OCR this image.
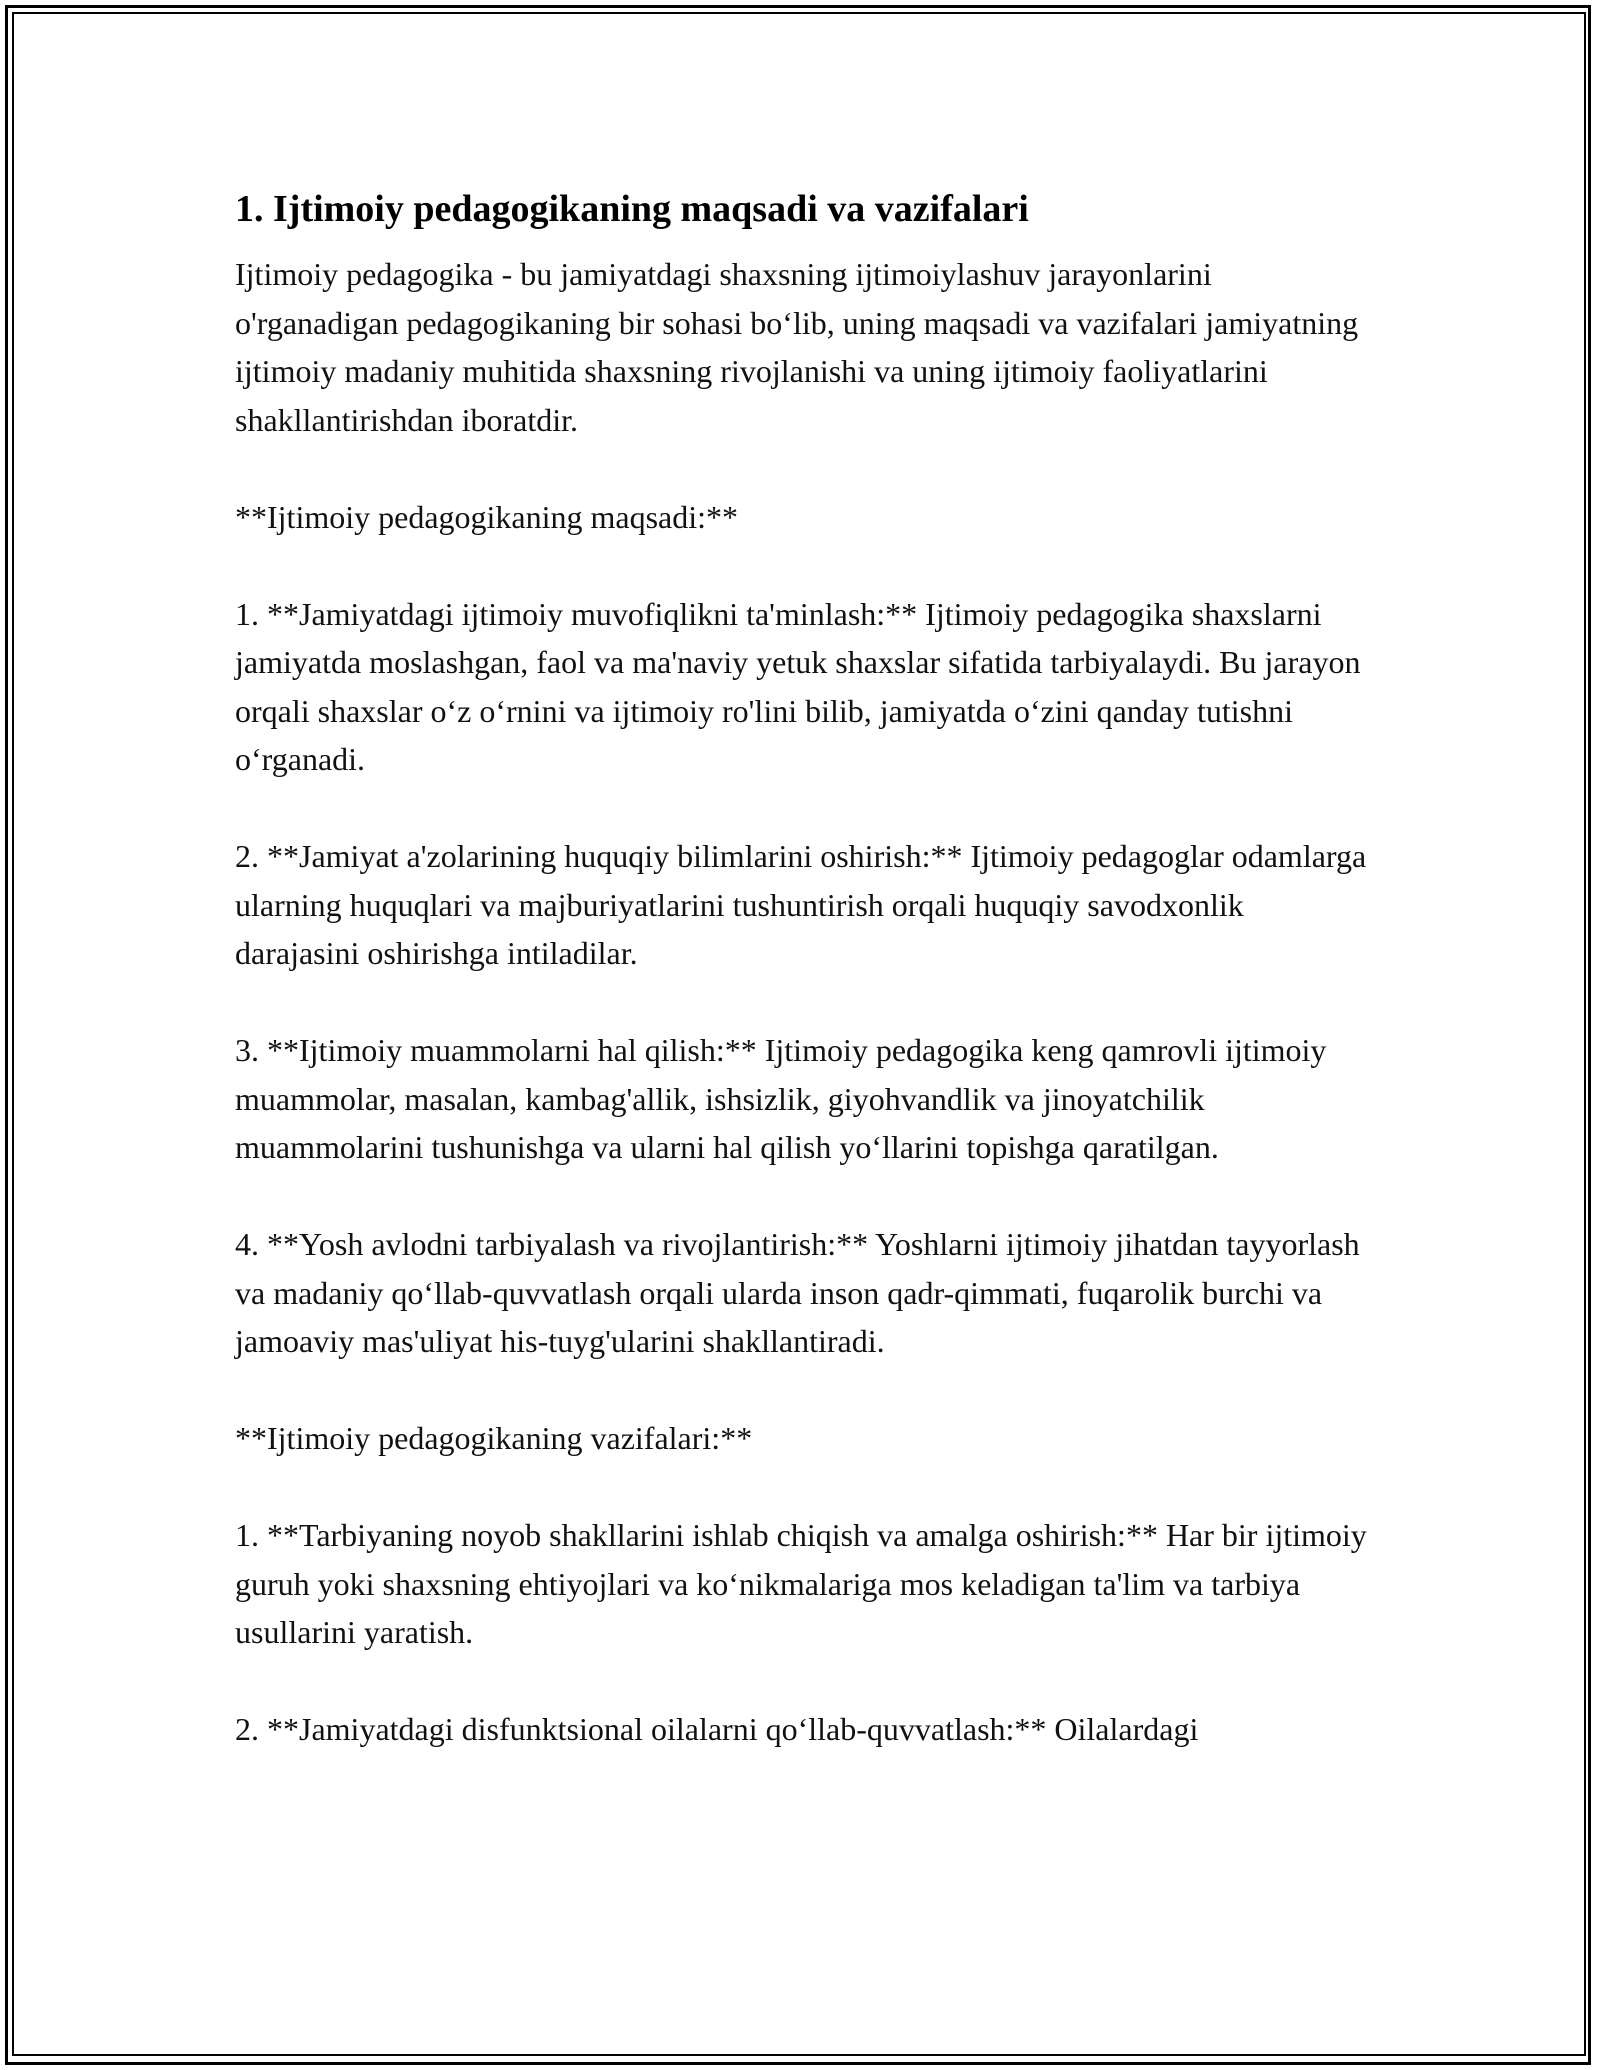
1. Ijtimoiy pedagogikaning maqsadi va vazifalari

Ijtimoiy pedagogika - bu jamiyatdagi shaxsning ijtimoiylashuv jarayonlarini o'rganadigan pedagogikaning bir sohasi bo‘lib, uning maqsadi va vazifalari jamiyatning ijtimoiy madaniy muhitida shaxsning rivojlanishi va uning ijtimoiy faoliyatlarini shakllantirishdan iboratdir.

**Ijtimoiy pedagogikaning maqsadi:**

1. **Jamiyatdagi ijtimoiy muvofiqlikni ta'minlash:** Ijtimoiy pedagogika shaxslarni jamiyatda moslashgan, faol va ma'naviy yetuk shaxslar sifatida tarbiyalaydi. Bu jarayon orqali shaxslar o‘z o‘rnini va ijtimoiy ro'lini bilib, jamiyatda o‘zini qanday tutishni o‘rganadi.

2. **Jamiyat a'zolarining huquqiy bilimlarini oshirish:** Ijtimoiy pedagoglar odamlarga ularning huquqlari va majburiyatlarini tushuntirish orqali huquqiy savodxonlik darajasini oshirishga intiladilar.

3. **Ijtimoiy muammolarni hal qilish:** Ijtimoiy pedagogika keng qamrovli ijtimoiy muammolar, masalan, kambag'allik, ishsizlik, giyohvandlik va jinoyatchilik muammolarini tushunishga va ularni hal qilish yo‘llarini topishga qaratilgan.

4. **Yosh avlodni tarbiyalash va rivojlantirish:** Yoshlarni ijtimoiy jihatdan tayyorlash va madaniy qo‘llab-quvvatlash orqali ularda inson qadr-qimmati, fuqarolik burchi va jamoaviy mas'uliyat his-tuyg'ularini shakllantiradi.

**Ijtimoiy pedagogikaning vazifalari:**

1. **Tarbiyaning noyob shakllarini ishlab chiqish va amalga oshirish:** Har bir ijtimoiy guruh yoki shaxsning ehtiyojlari va ko‘nikmalariga mos keladigan ta'lim va tarbiya usullarini yaratish.

2. **Jamiyatdagi disfunktsional oilalarni qo‘llab-quvvatlash:** Oilalardagi
